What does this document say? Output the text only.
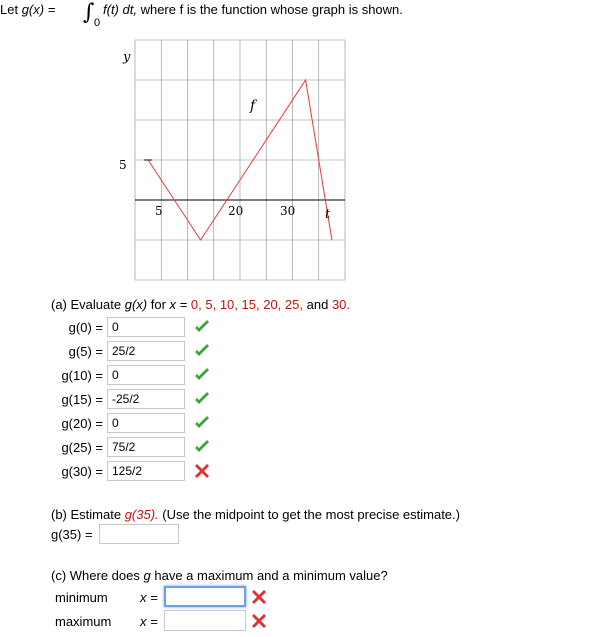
Let g(x) = ∫ 0
f(t) dt, where f is the function whose graph is shown.
y
5
5	20	30 t
f
(a) Evaluate g(x) for x = 0, 5, 10, 15, 20, 25, and 30.
g(0) = 0
g(5) = 25/2
g(10) = 0
g(15) = -25/2
g(20) = 0
g(25) = 75/2
g(30) = 125/2
(b) Estimate g(35). (Use the midpoint to get the most precise estimate.)
g(35) =
(c) Where does g have a maximum and a minimum value?
minimum x =
maximum x =
